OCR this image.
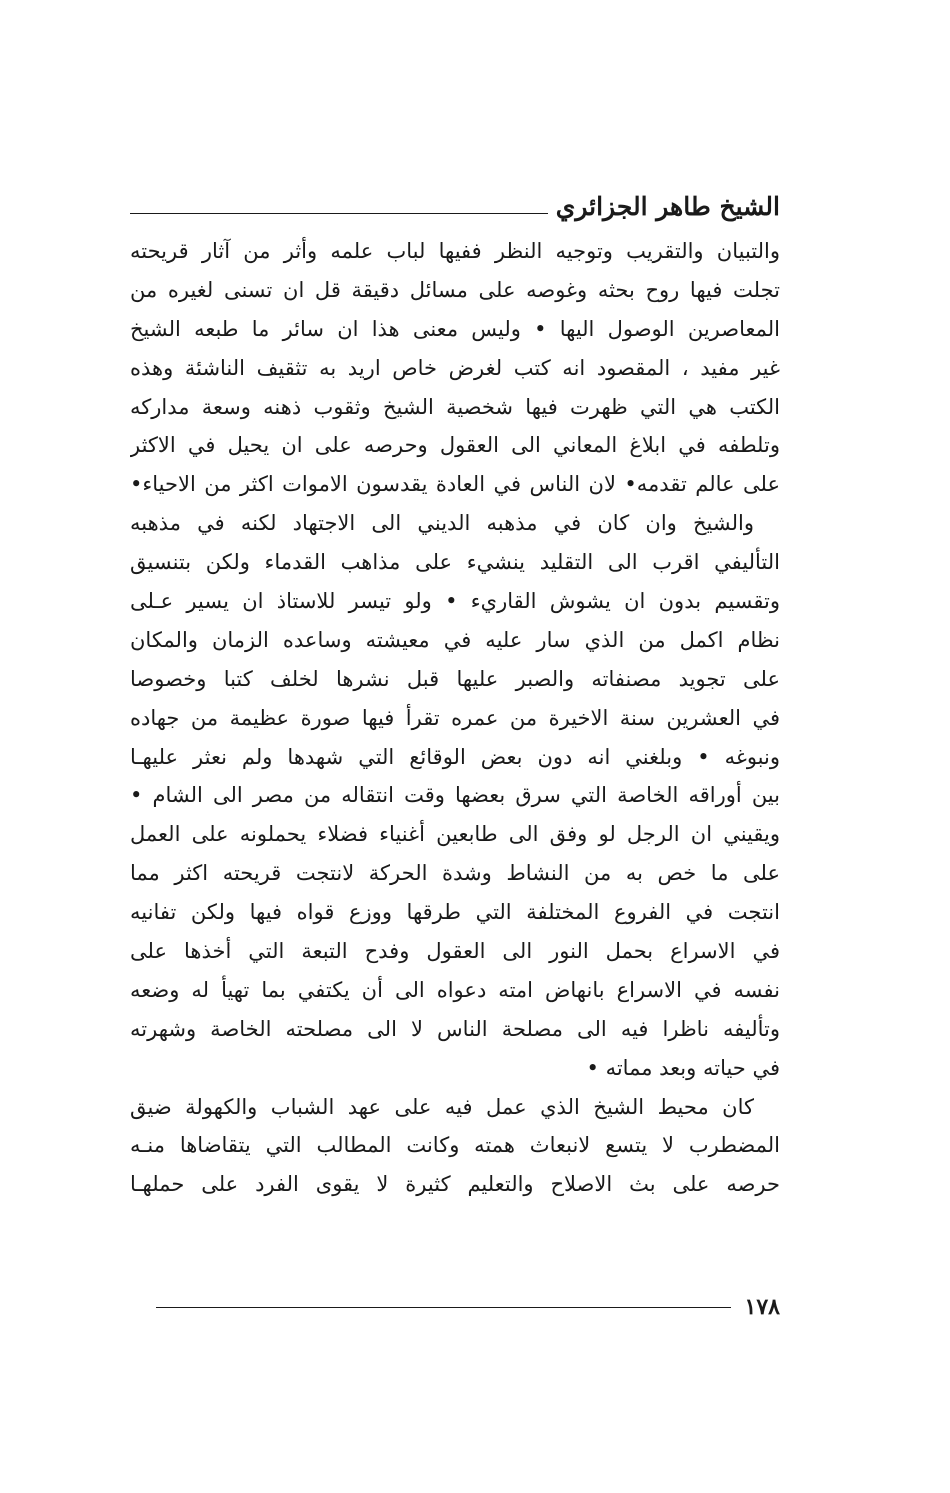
الشيخ طاهر الجزائري
والتبيان والتقريب وتوجيه النظر ففيها لباب علمه وأثر من آثار قريحته
تجلت فيها روح بحثه وغوصه على مسائل دقيقة قل ان تسنى لغيره من
المعاصرين الوصول اليها • وليس معنى هذا ان سائر ما طبعه الشيخ
غير مفيد ، المقصود انه كتب لغرض خاص اريد به تثقيف الناشئة وهذه
الكتب هي التي ظهرت فيها شخصية الشيخ وثقوب ذهنه وسعة مداركه
وتلطفه في ابلاغ المعاني الى العقول وحرصه على ان يحيل في الاكثر
على عالم تقدمه• لان الناس في العادة يقدسون الاموات اكثر من الاحياء•
والشيخ وان كان في مذهبه الديني الى الاجتهاد لكنه في مذهبه
التأليفي اقرب الى التقليد ينشيء على مذاهب القدماء ولكن بتنسيق
وتقسيم بدون ان يشوش القاريء • ولو تيسر للاستاذ ان يسير عـلى
نظام اكمل من الذي سار عليه في معيشته وساعده الزمان والمكان
على تجويد مصنفاته والصبر عليها قبل نشرها لخلف كتبا وخصوصا
في العشرين سنة الاخيرة من عمره تقرأ فيها صورة عظيمة من جهاده
ونبوغه • وبلغني انه دون بعض الوقائع التي شهدها ولم نعثر عليهـا
بين أوراقه الخاصة التي سرق بعضها وقت انتقاله من مصر الى الشام •
ويقيني ان الرجل لو وفق الى طابعين أغنياء فضلاء يحملونه على العمل
على ما خص به من النشاط وشدة الحركة لانتجت قريحته اكثر مما
انتجت في الفروع المختلفة التي طرقها ووزع قواه فيها ولكن تفانيه
في الاسراع بحمل النور الى العقول وفدح التبعة التي أخذها على
نفسه في الاسراع بانهاض امته دعواه الى أن يكتفي بما تهيأ له وضعه
وتأليفه ناظرا فيه الى مصلحة الناس لا الى مصلحته الخاصة وشهرته
في حياته وبعد مماته •
كان محيط الشيخ الذي عمل فيه على عهد الشباب والكهولة ضيق
المضطرب لا يتسع لانبعاث همته وكانت المطالب التي يتقاضاها منـه
حرصه على بث الاصلاح والتعليم كثيرة لا يقوى الفرد على حملهـا
١٧٨
